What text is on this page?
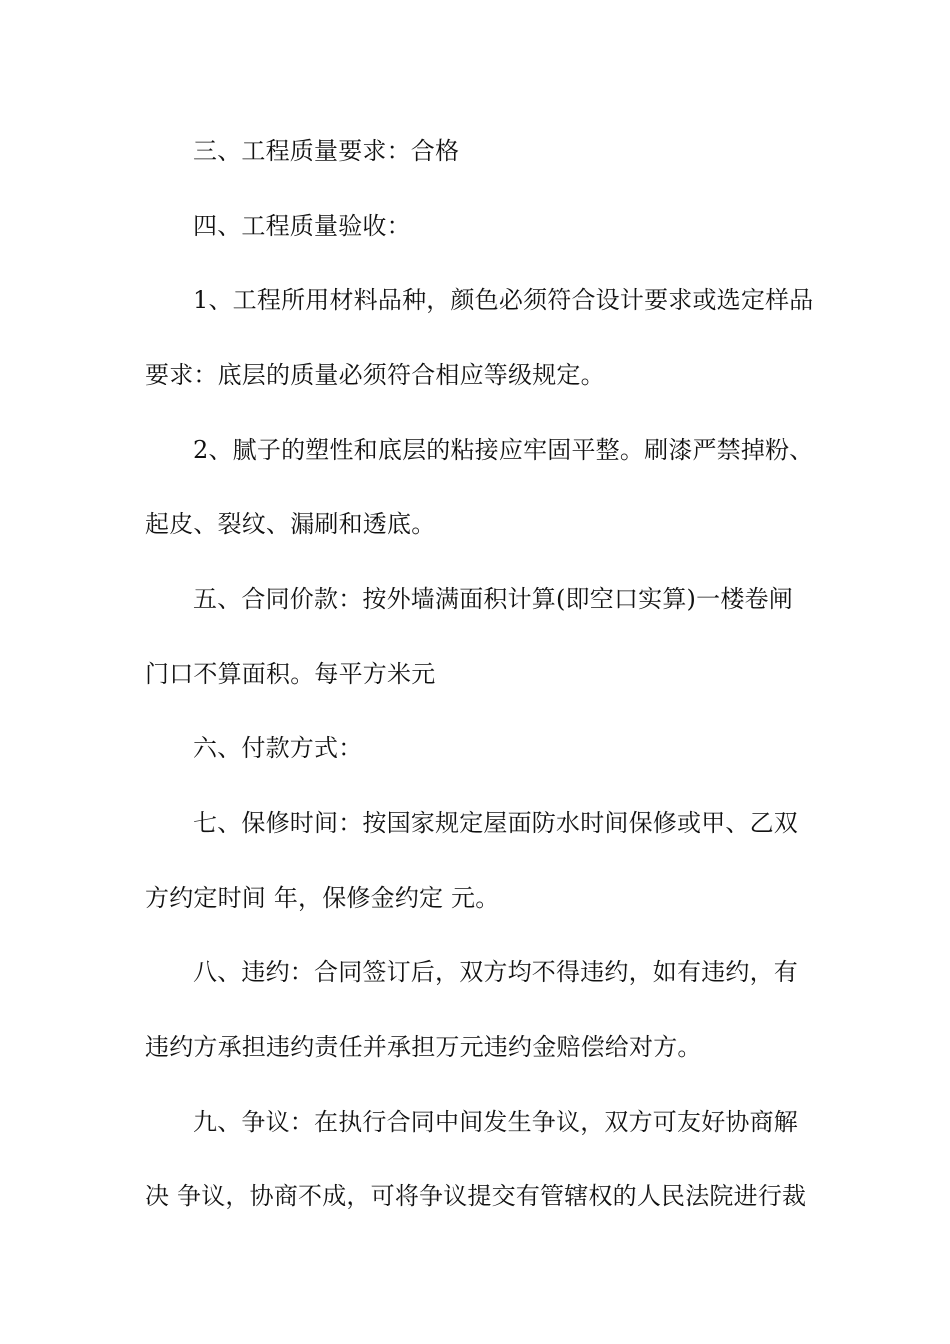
三、工程质量要求：合格
四、工程质量验收：
1、工程所用材料品种，颜色必须符合设计要求或选定样品
要求：底层的质量必须符合相应等级规定。
2、腻子的塑性和底层的粘接应牢固平整。刷漆严禁掉粉、
起皮、裂纹、漏刷和透底。
五、合同价款：按外墙满面积计算(即空口实算)一楼卷闸
门口不算面积。每平方米元
六、付款方式：
七、保修时间：按国家规定屋面防水时间保修或甲、乙双
方约定时间 年，保修金约定 元。
八、违约：合同签订后，双方均不得违约，如有违约，有
违约方承担违约责任并承担万元违约金赔偿给对方。
九、争议：在执行合同中间发生争议，双方可友好协商解
决 争议，协商不成，可将争议提交有管辖权的人民法院进行裁
